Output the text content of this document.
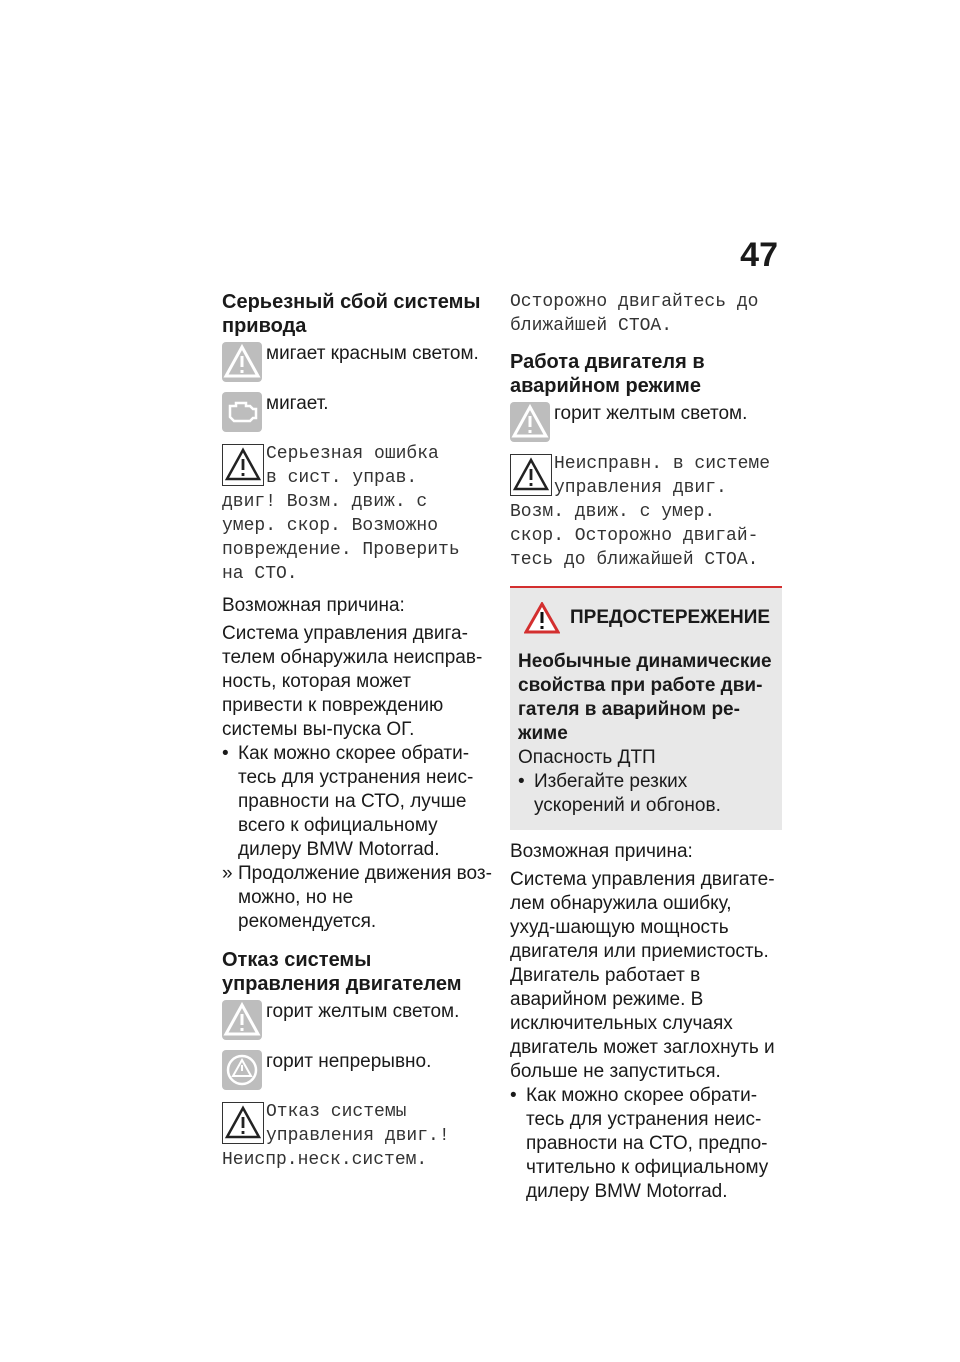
47

Серьезный сбой системы привода

мигает красным светом.
мигает.

Серьезная ошибка

в сист. управ.

двиг! Возм. движ. с

умер. скор. Возможно

повреждение. Проверить

на СТО.

Возможная причина:

Система управления двига-телем обнаружила неисправ-ность, которая может привести к повреждению системы вы-пуска ОГ.

• Как можно скорее обрати-тесь для устранения неис-правности на СТО, лучше всего к официальному дилеру BMW Motorrad.
» Продолжение движения воз-можно, но не рекомендуется.

Отказ системы управления двигателем

горит желтым светом.
горит непрерывно.

Отказ системы

управления двиг.!

Неиспр.неск.систем.

Осторожно двигайтесь до

ближайшей СТОА.

Работа двигателя в аварийном режиме

горит желтым светом.

Неисправн. в системе

управления двиг.

Возм. движ. с умер.

скор. Осторожно двигай-

тесь до ближайшей СТОА.

ПРЕДОСТЕРЕЖЕНИЕ
Необычные динамические свойства при работе дви-гателя в аварийном ре-жиме

Опасность ДТП

• Избегайте резких ускорений и обгонов.

Возможная причина:

Система управления двигате-лем обнаружила ошибку, ухуд-шающую мощность двигателя или приемистость. Двигатель работает в аварийном режиме. В исключительных случаях двигатель может заглохнуть и больше не запуститься.

• Как можно скорее обрати-тесь для устранения неис-правности на СТО, предпо-чтительно к официальному дилеру BMW Motorrad.
